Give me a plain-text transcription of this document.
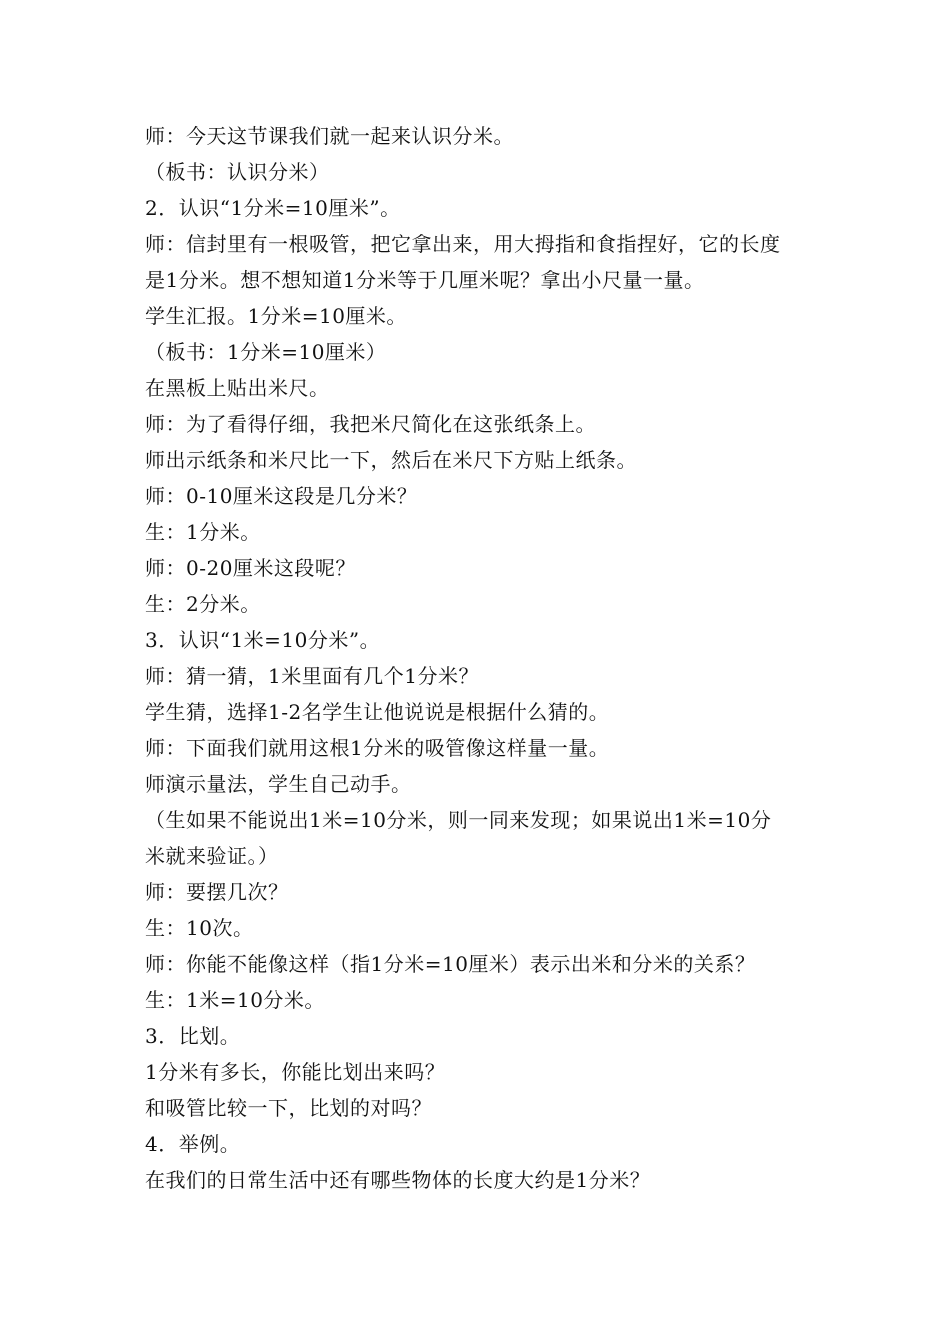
师：今天这节课我们就一起来认识分米。
（板书：认识分米）
2．认识“1分米=10厘米”。
师：信封里有一根吸管，把它拿出来，用大拇指和食指捏好，它的长度
是1分米。想不想知道1分米等于几厘米呢？拿出小尺量一量。
学生汇报。1分米=10厘米。
（板书：1分米=10厘米）
在黑板上贴出米尺。
师：为了看得仔细，我把米尺简化在这张纸条上。
师出示纸条和米尺比一下，然后在米尺下方贴上纸条。
师：0-10厘米这段是几分米？
生：1分米。
师：0-20厘米这段呢？
生：2分米。
3．认识“1米=10分米”。
师：猜一猜，1米里面有几个1分米？
学生猜，选择1-2名学生让他说说是根据什么猜的。
师：下面我们就用这根1分米的吸管像这样量一量。
师演示量法，学生自己动手。
（生如果不能说出1米=10分米，则一同来发现；如果说出1米=10分
米就来验证。）
师：要摆几次？
生：10次。
师：你能不能像这样（指1分米=10厘米）表示出米和分米的关系？
生：1米=10分米。
3．比划。
1分米有多长，你能比划出来吗？
和吸管比较一下，比划的对吗？
4．举例。
在我们的日常生活中还有哪些物体的长度大约是1分米？
